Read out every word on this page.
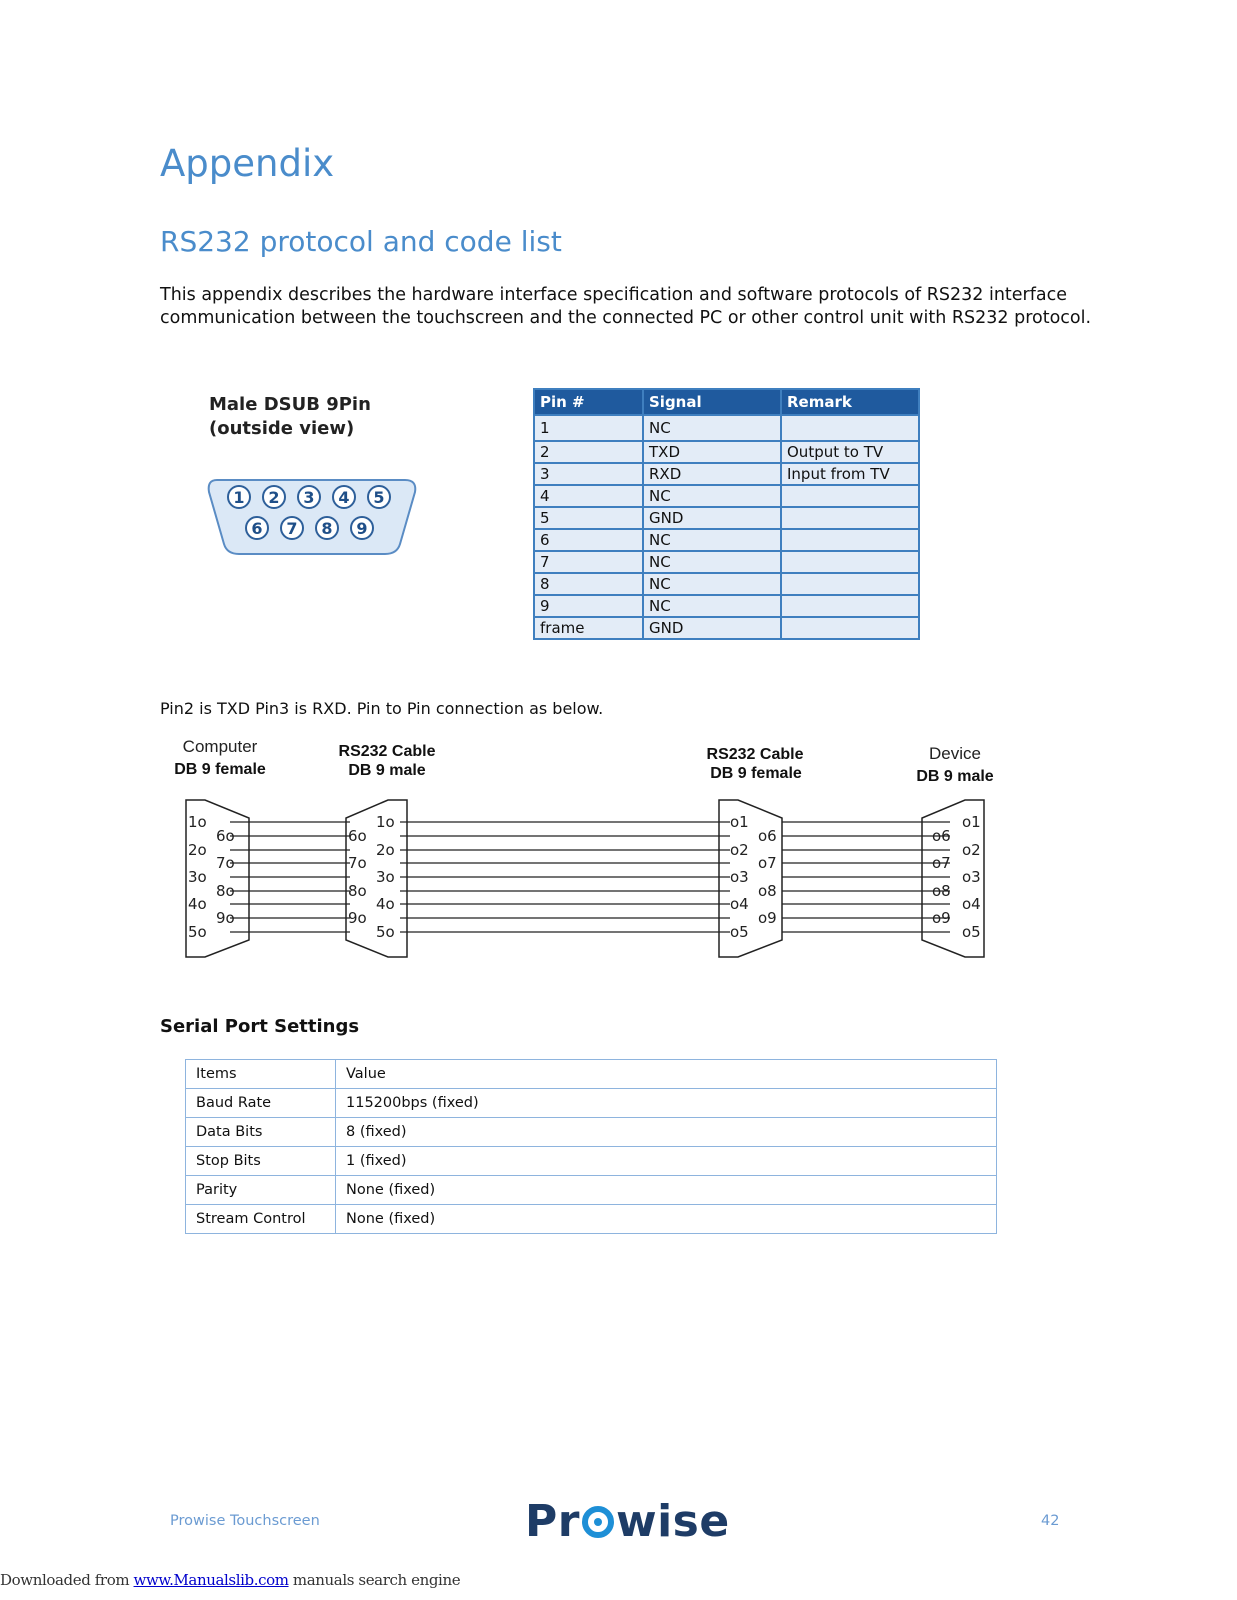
Appendix
RS232 protocol and code list

This appendix describes the hardware interface specification and software protocols of RS232 interface communication between the touchscreen and the connected PC or other control unit with RS232 protocol.

Male DSUB 9Pin
(outside view)
1 2 3 4 5
6 7 8 9
Pin #	Signal	Remark
1	NC	
2	TXD	Output to TV
3	RXD	Input from TV
4	NC	
5	GND	
6	NC	
7	NC	
8	NC	
9	NC	
frame	GND	

Pin2 is TXD Pin3 is RXD. Pin to Pin connection as below.

Computer
DB 9 female
RS232 Cable
DB 9 male
RS232 Cable
DB 9 female
Device
DB 9 male
1o
2o
3o
4o
5o
6o
7o
8o
9o
1o
2o
3o
4o
5o
6o
7o
8o
9o
o1
o2
o3
o4
o5
o6
o7
o8
o9
o1
o2
o3
o4
o5
o6
o7
o8
o9
Serial Port Settings
Items	Value
Baud Rate	115200bps (fixed)
Data Bits	8 (fixed)
Stop Bits	1 (fixed)
Parity	None (fixed)
Stream Control	None (fixed)
Prowise Touchscreen	Pr wise	42
Downloaded from www.Manualslib.com manuals search engine
